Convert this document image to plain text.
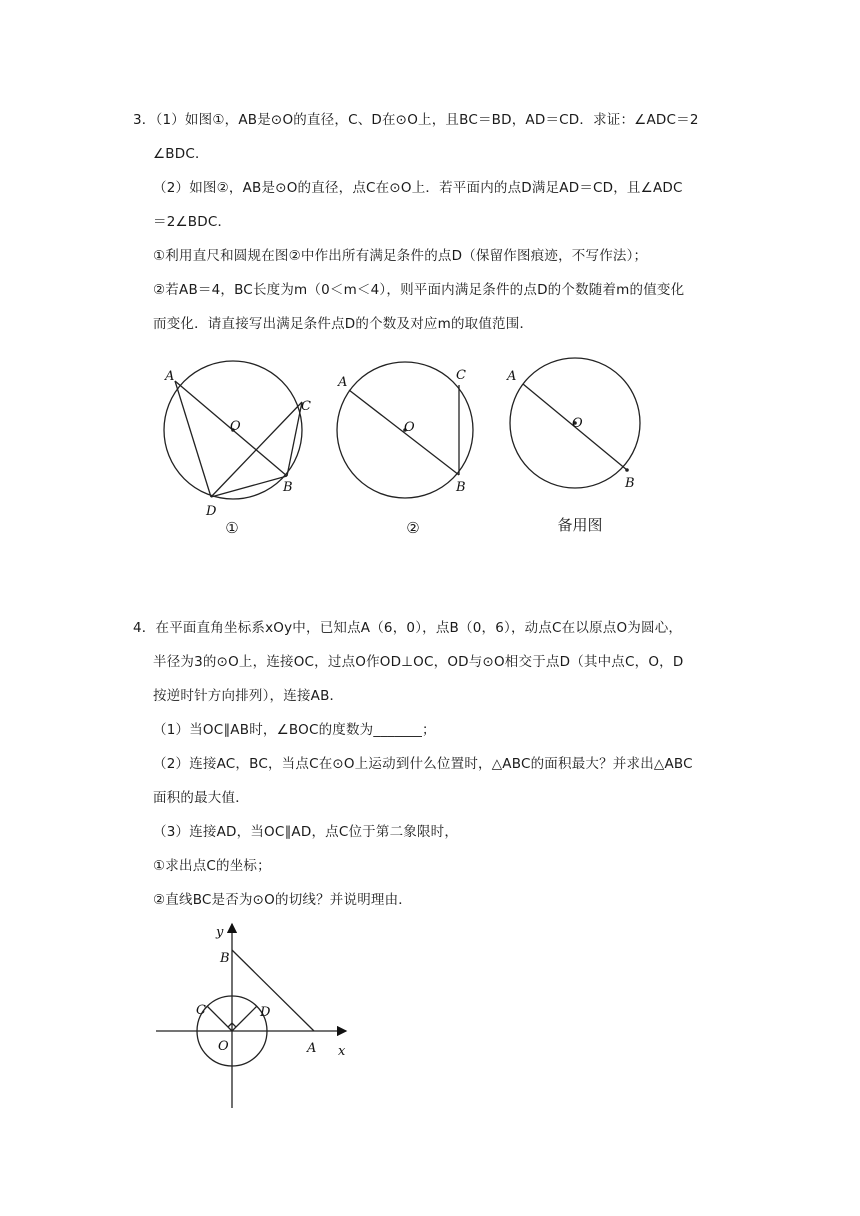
3．（1）如图①，AB是⊙O的直径，C、D在⊙O上，且BC＝BD，AD＝CD．求证：∠ADC＝2
∠BDC．
（2）如图②，AB是⊙O的直径，点C在⊙O上．若平面内的点D满足AD＝CD，且∠ADC
＝2∠BDC．
①利用直尺和圆规在图②中作出所有满足条件的点D（保留作图痕迹，不写作法）；
②若AB＝4，BC长度为m（0＜m＜4），则平面内满足条件的点D的个数随着m的值变化
而变化．请直接写出满足条件点D的个数及对应m的取值范围．
A
O
C
B
D
①
A
O
C
B
②
A
O
B
备用图
4．在平面直角坐标系xOy中，已知点A（6，0），点B（0，6），动点C在以原点O为圆心，
半径为3的⊙O上，连接OC，过点O作OD⊥OC，OD与⊙O相交于点D（其中点C，O，D
按逆时针方向排列），连接AB．
（1）当OC∥AB时，∠BOC的度数为_______；
（2）连接AC，BC，当点C在⊙O上运动到什么位置时，△ABC的面积最大？并求出△ABC
面积的最大值．
（3）连接AD，当OC∥AD，点C位于第二象限时，
①求出点C的坐标；
②直线BC是否为⊙O的切线？并说明理由．
y
x
B
C	D
O	A
